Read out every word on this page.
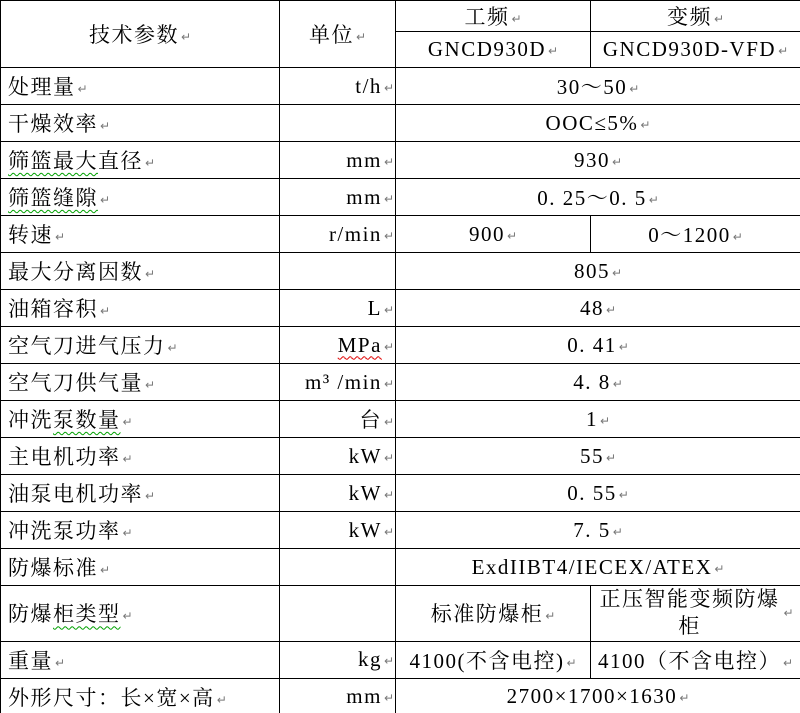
技术参数 ↵	单位 ↵	工频 ↵	变频 ↵
		GNCD930D ↵	GNCD930D-VFD ↵
处理量 ↵	t/h ↵	30～50 ↵	
干燥效率 ↵		OOC≤5% ↵	
筛篮最大直径 ↵	mm ↵	930 ↵	
筛篮缝隙 ↵	mm ↵	0. 25～0. 5 ↵	
转速 ↵	r/min ↵	900 ↵	0～1200 ↵
最大分离因数 ↵		805 ↵	
油箱容积 ↵	L ↵	48 ↵	
空气刀进气压力 ↵	MPa ↵	0. 41 ↵	
空气刀供气量 ↵	m³ /min ↵	4. 8 ↵	
冲洗泵数量 ↵	台 ↵	1 ↵	
主电机功率 ↵	kW ↵	55 ↵	
油泵电机功率 ↵	kW ↵	0. 55 ↵	
冲洗泵功率 ↵	kW ↵	7. 5 ↵	
防爆标准 ↵		ExdIIBT4/IECEX/ATEX ↵	
防爆柜类型 ↵		标准防爆柜 ↵	正压智能变频防爆柜↵
重量 ↵	kg ↵	4100(不含电控) ↵	4100（不含电控） ↵
外形尺寸：长×宽×高 ↵	mm ↵	2700×1700×1630 ↵	
